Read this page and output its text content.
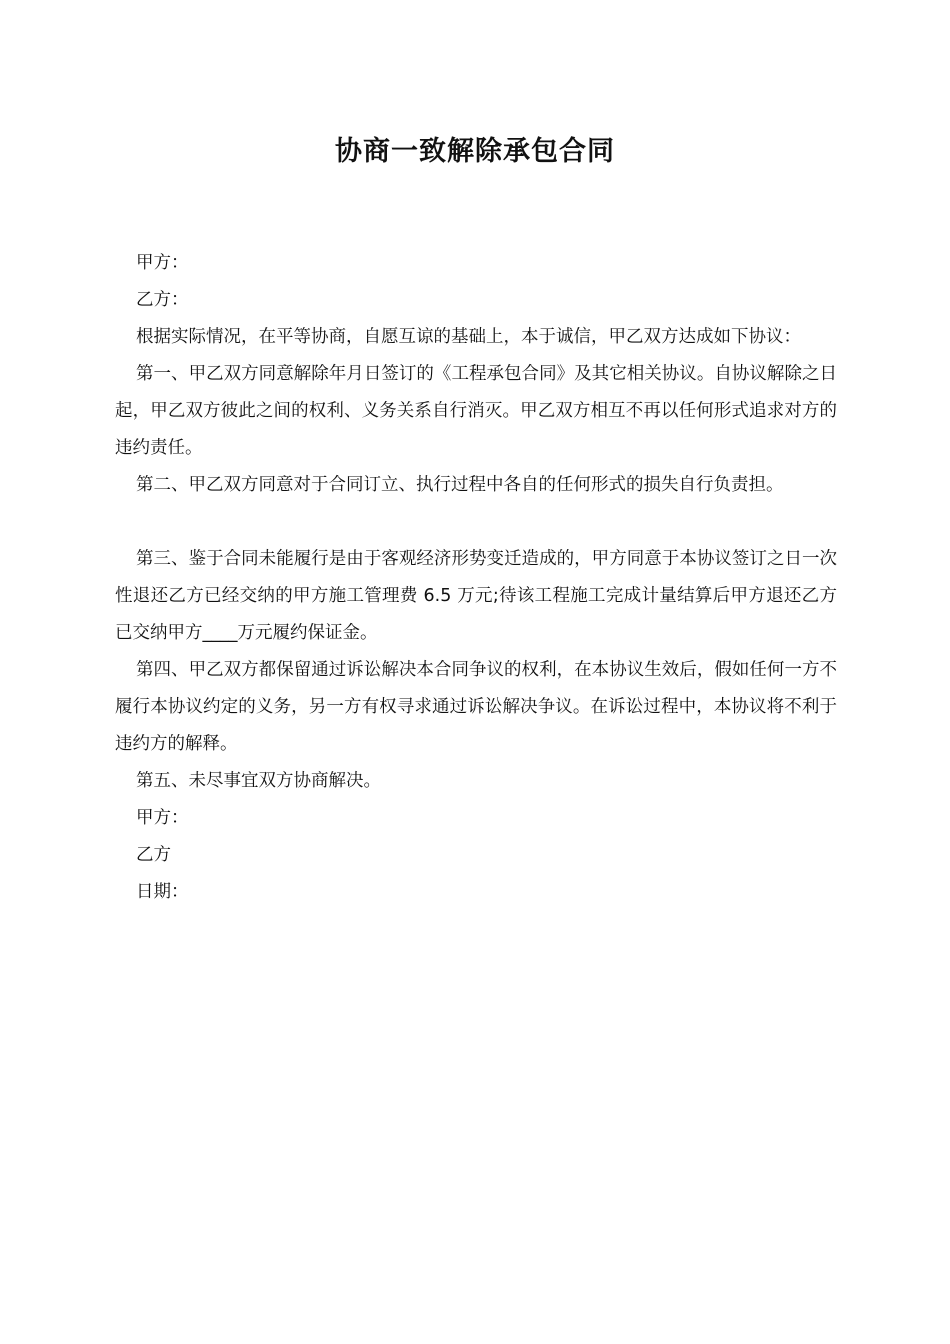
协商一致解除承包合同

甲方：

乙方：

根据实际情况，在平等协商，自愿互谅的基础上，本于诚信，甲乙双方达成如下协议：

第一、甲乙双方同意解除年月日签订的《工程承包合同》及其它相关协议。自协议解除之日起，甲乙双方彼此之间的权利、义务关系自行消灭。甲乙双方相互不再以任何形式追求对方的违约责任。

第二、甲乙双方同意对于合同订立、执行过程中各自的任何形式的损失自行负责担。

第三、鉴于合同未能履行是由于客观经济形势变迁造成的，甲方同意于本协议签订之日一次性退还乙方已经交纳的甲方施工管理费 6.5 万元;待该工程施工完成计量结算后甲方退还乙方已交纳甲方____万元履约保证金。

第四、甲乙双方都保留通过诉讼解决本合同争议的权利，在本协议生效后，假如任何一方不履行本协议约定的义务，另一方有权寻求通过诉讼解决争议。在诉讼过程中，本协议将不利于违约方的解释。

第五、未尽事宜双方协商解决。

甲方：

乙方

日期：
